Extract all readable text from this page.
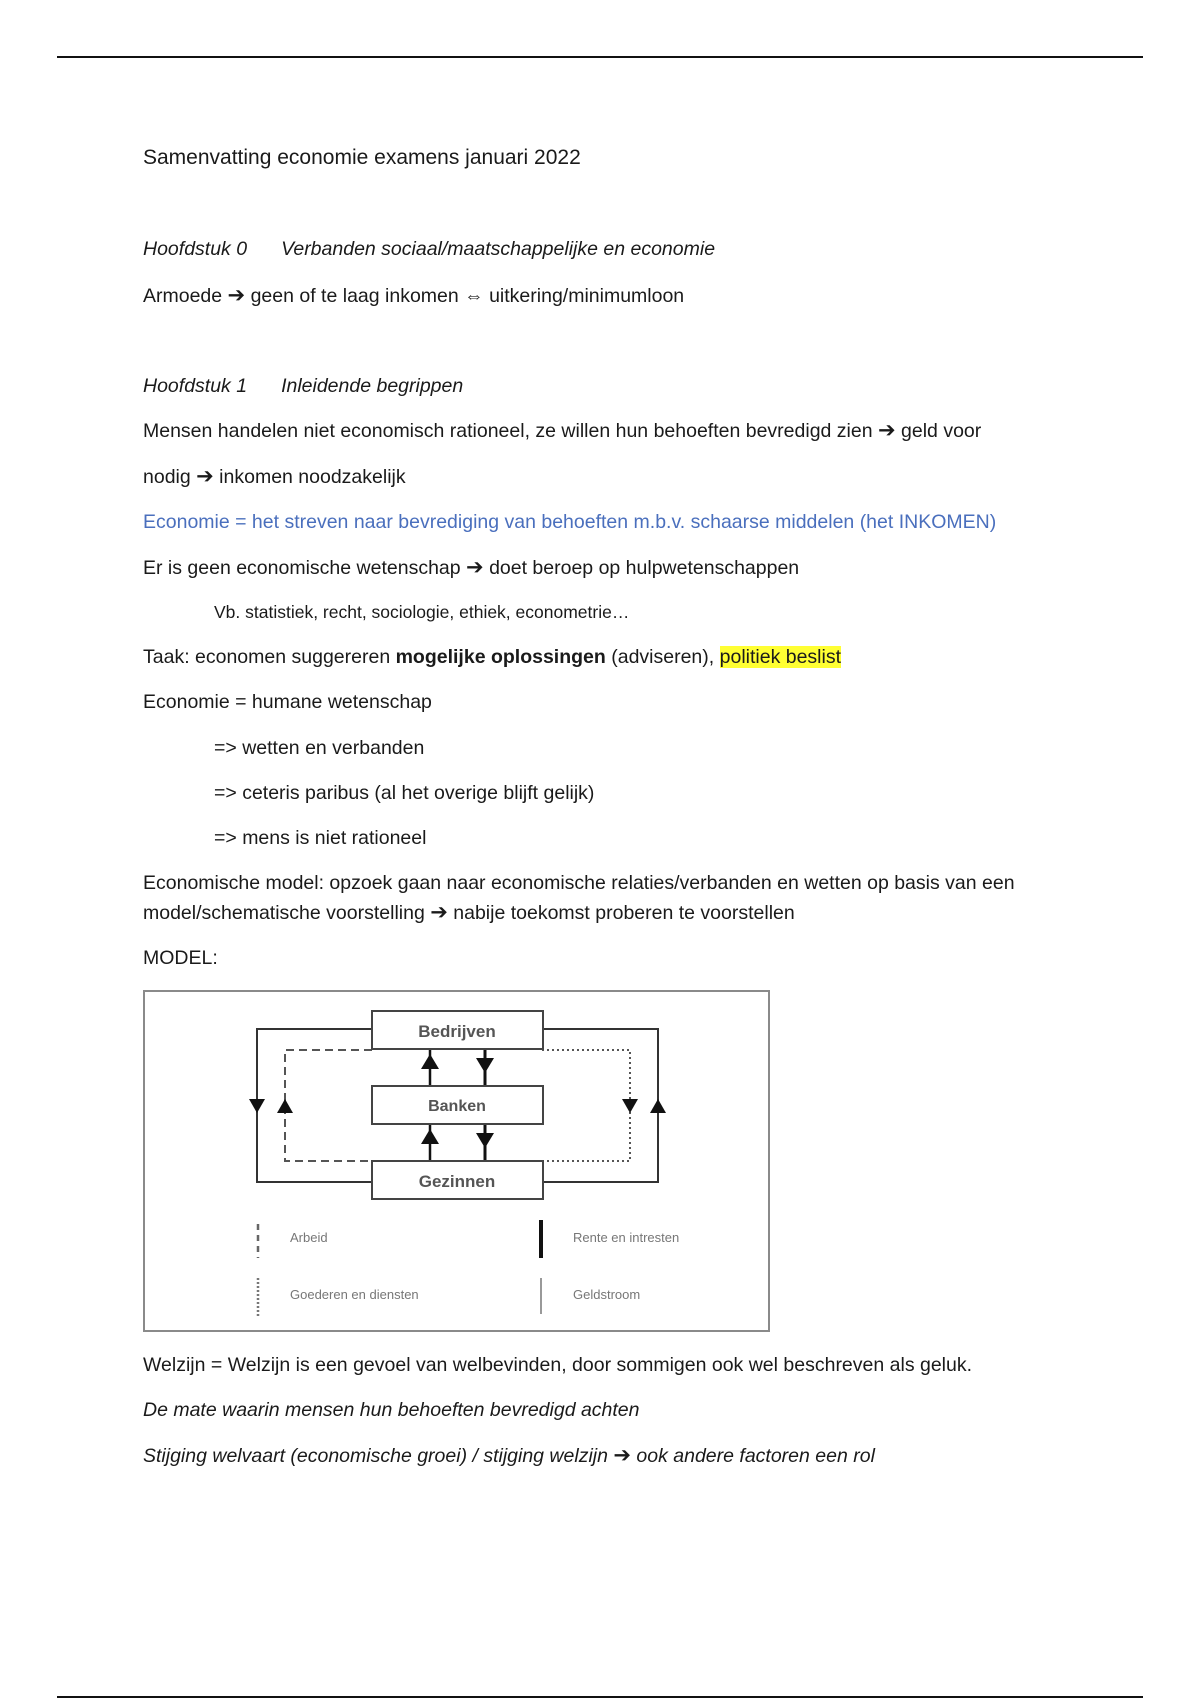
Samenvatting economie examens januari 2022
Hoofdstuk 0 Verbanden sociaal/maatschappelijke en economie
Armoede ➔ geen of te laag inkomen ⇔ uitkering/minimumloon
Hoofdstuk 1 Inleidende begrippen
Mensen handelen niet economisch rationeel, ze willen hun behoeften bevredigd zien ➔ geld voor
nodig ➔ inkomen noodzakelijk
Economie = het streven naar bevrediging van behoeften m.b.v. schaarse middelen (het INKOMEN)
Er is geen economische wetenschap ➔ doet beroep op hulpwetenschappen
Vb. statistiek, recht, sociologie, ethiek, econometrie…
Taak: economen suggereren mogelijke oplossingen (adviseren), politiek beslist
Economie = humane wetenschap
=> wetten en verbanden
=> ceteris paribus (al het overige blijft gelijk)
=> mens is niet rationeel
Economische model: opzoek gaan naar economische relaties/verbanden en wetten op basis van een
model/schematische voorstelling ➔ nabije toekomst proberen te voorstellen
MODEL:
Welzijn = Welzijn is een gevoel van welbevinden, door sommigen ook wel beschreven als geluk.
De mate waarin mensen hun behoeften bevredigd achten
Stijging welvaart (economische groei) / stijging welzijn ➔ ook andere factoren een rol
Bedrijven
Banken
Gezinnen
Arbeid	Rente en intresten
Goederen en diensten	Geldstroom
